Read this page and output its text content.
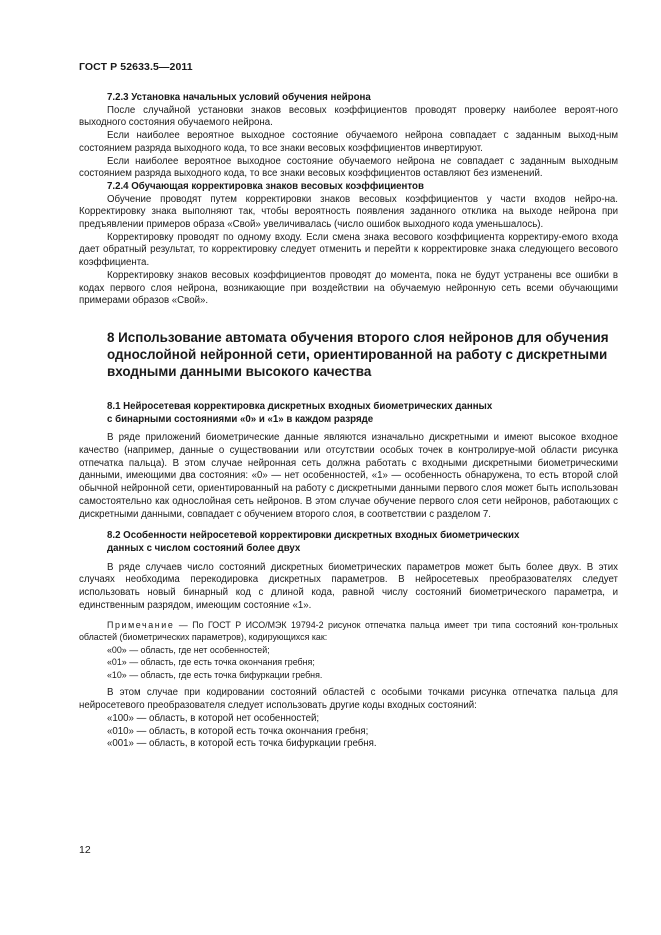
ГОСТ Р 52633.5—2011

7.2.3 Установка начальных условий обучения нейрона

После случайной установки знаков весовых коэффициентов проводят проверку наиболее вероят-ного выходного состояния обучаемого нейрона.

Если наиболее вероятное выходное состояние обучаемого нейрона совпадает с заданным выход-ным состоянием разряда выходного кода, то все знаки весовых коэффициентов инвертируют.

Если наиболее вероятное выходное состояние обучаемого нейрона не совпадает с заданным выходным состоянием разряда выходного кода, то все знаки весовых коэффициентов оставляют без изменений.

7.2.4 Обучающая корректировка знаков весовых коэффициентов

Обучение проводят путем корректировки знаков весовых коэффициентов у части входов нейро-на. Корректировку знака выполняют так, чтобы вероятность появления заданного отклика на выходе нейрона при предъявлении примеров образа «Свой» увеличивалась (число ошибок выходного кода уменьшалось).

Корректировку проводят по одному входу. Если смена знака весового коэффициента корректиру-емого входа дает обратный результат, то корректировку следует отменить и перейти к корректировке знака следующего весового коэффициента.

Корректировку знаков весовых коэффициентов проводят до момента, пока не будут устранены все ошибки в кодах первого слоя нейрона, возникающие при воздействии на обучаемую нейронную сеть всеми обучающими примерами образов «Свой».

8 Использование автомата обучения второго слоя нейронов для обучения однослойной нейронной сети, ориентированной на работу с дискретными входными данными высокого качества
8.1 Нейросетевая корректировка дискретных входных биометрических данных
с бинарными состояниями «0» и «1» в каждом разряде

В ряде приложений биометрические данные являются изначально дискретными и имеют высокое входное качество (например, данные о существовании или отсутствии особых точек в контролируе-мой области рисунка отпечатка пальца). В этом случае нейронная сеть должна работать с входными дискретными биометрическими данными, имеющими два состояния: «0» — нет особенностей, «1» — особенность обнаружена, то есть второй слой обычной нейронной сети, ориентированный на работу с дискретными данными первого слоя может быть использован самостоятельно как однослойная сеть нейронов. В этом случае обучение первого слоя сети нейронов, работающих с дискретными данными, совпадает с обучением второго слоя, в соответствии с разделом 7.

8.2 Особенности нейросетевой корректировки дискретных входных биометрических
данных с числом состояний более двух

В ряде случаев число состояний дискретных биометрических параметров может быть более двух. В этих случаях необходима перекодировка дискретных параметров. В нейросетевых преобразователях следует использовать новый бинарный код с длиной кода, равной числу состояний биометрического параметра, и единственным разрядом, имеющим состояние «1».

Примечание — По ГОСТ Р ИСО/МЭК 19794-2 рисунок отпечатка пальца имеет три типа состояний кон-трольных областей (биометрических параметров), кодирующихся как:

«00» — область, где нет особенностей;
«01» — область, где есть точка окончания гребня;
«10» — область, где есть точка бифуркации гребня.

В этом случае при кодировании состояний областей с особыми точками рисунка отпечатка пальца для нейросетевого преобразователя следует использовать другие коды входных состояний:

«100» — область, в которой нет особенностей;
«010» — область, в которой есть точка окончания гребня;
«001» — область, в которой есть точка бифуркации гребня.
12
